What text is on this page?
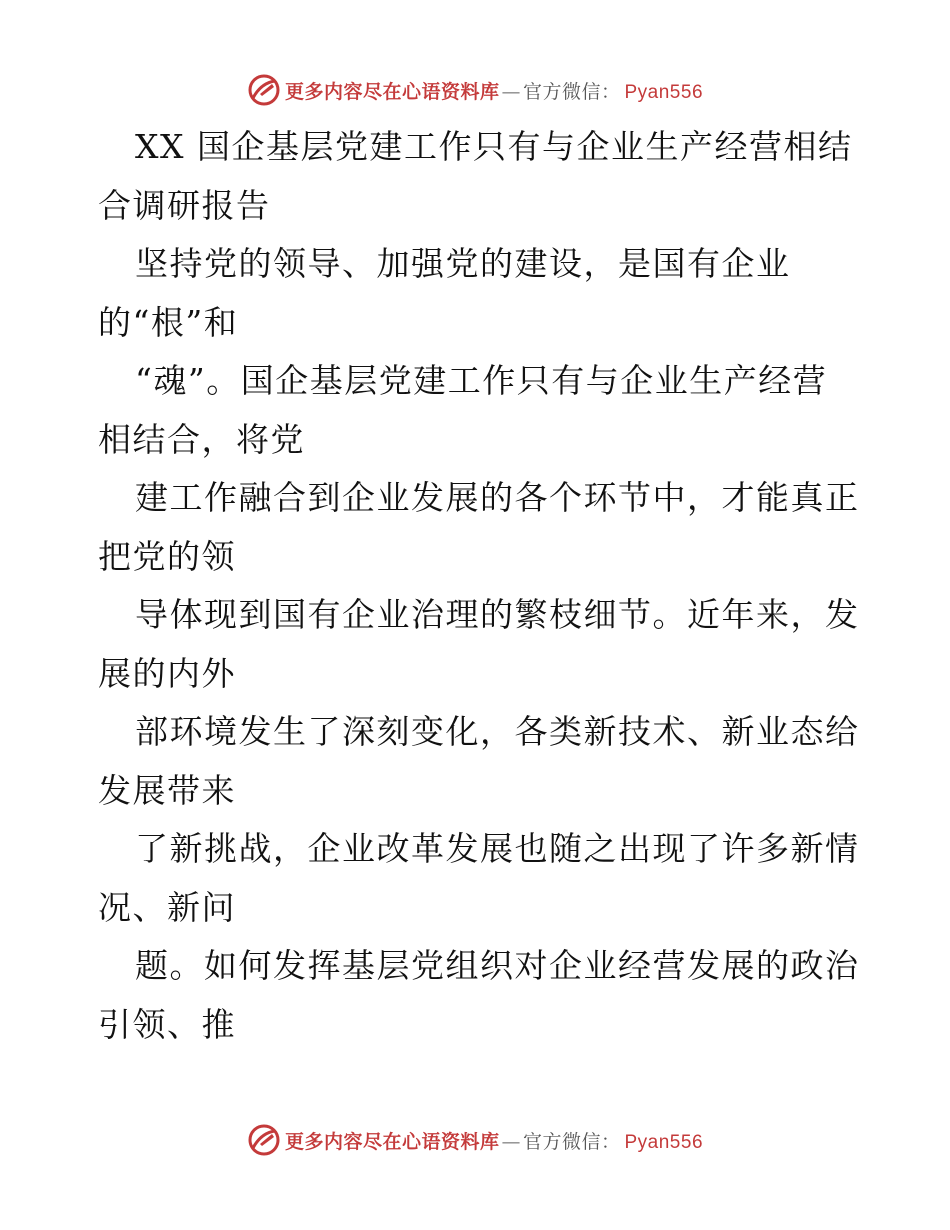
更多内容尽在心语资料库 — 官方微信： Pyan556
XX 国企基层党建工作只有与企业生产经营相结
合调研报告
坚持党的领导、加强党的建设，是国有企业
的“根”和
“魂”。国企基层党建工作只有与企业生产经营
相结合，将党
建工作融合到企业发展的各个环节中，才能真正
把党的领
导体现到国有企业治理的繁枝细节。近年来，发
展的内外
部环境发生了深刻变化，各类新技术、新业态给
发展带来
了新挑战，企业改革发展也随之出现了许多新情
况、新问
题。如何发挥基层党组织对企业经营发展的政治
引领、推
更多内容尽在心语资料库 — 官方微信： Pyan556
